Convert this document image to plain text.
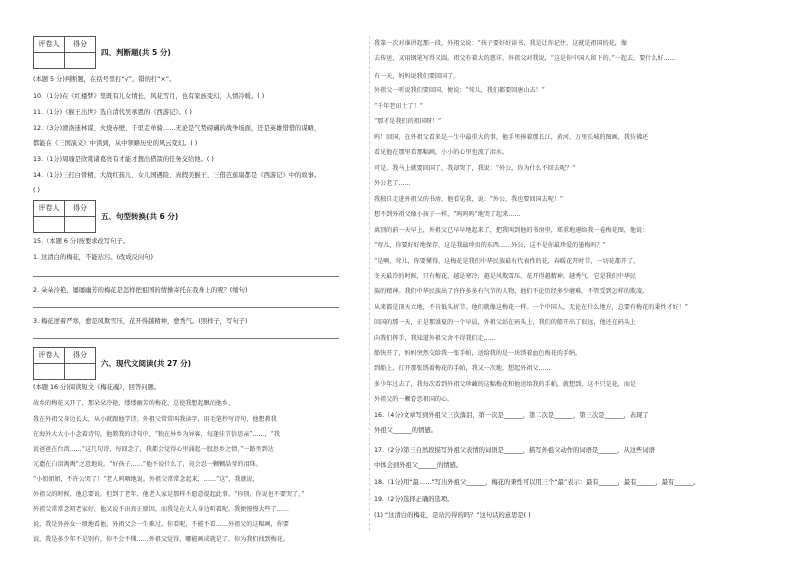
评卷人	得分

四、判断题(共 5 分)
(本题 5 分)判断题，在括号里打“√”，错的打“×”。
10.（1分)在《红楼梦》里既有儿女情长，风花雪月，也有家族变幻，人情冷暖。( )
11.（1分)《猴王出世》选自清代吴承恩的《西游记》。( )
12.（3分)滑洛迷林谋、火烧赤壁、千里走单骑……无论是气势磅礴的战争场面，还是英雄惜惜的谋略，
都能在《三国演义》中读到，从中领略历史的风云变幻。( )
13.（1分)周瑜是欣赏诸葛亮有才能才想出借箭的任务交给他。( )
14.（1分)三打白骨精、大战红孩儿、女儿国遇险、真假美猴王、三借芭蕉扇都是《西游记》中的故事。
( )
评卷人	得分

五、句型转换(共 6 分)
15.（本题 6 分)按要求改写句子。
1. 这清白的梅花，不能玷污。(改成反问句)
2. 朵朵冷艳，屡屡幽芳的梅花是怎样把祖国的情操寄托在我身上的呢？(缩句)
3. 梅花逆着严寒，愈是风欺雪压，花开得越精神，愈秀气。(照样子，写句子)
评卷人	得分

六、现代文阅读(共 27 分)
(本题 16 分)阅读短文《梅花魂》，回答问题。
故乡的梅花又开了，那朵朵冷艳、缕缕幽芳的梅花，总使我想起飘泊他乡、
我在外祖父身边长大，从小就跟他学诗。外祖父常常叫我读字，用毛笔抄写诗句，他想教我
在海外大大小小念着诗句。他教我的诗句中，“独在异乡为异客，每逢佳节倍思亲”……，“我
说爸爸在台湾……“这几句诗，每回念了，我都会觉得心里涌起一股思乡之情，”一路坐到达
元遗在白泪淘淘”之意地说。“好孩子……”他不说什么了，竟会忍一颗颗晶莹的泪珠。
“小妞姐姐，不许公哭了！”老人呜咽地说。外祖父常常念起来，……“这”，我就说，
外祖父的时候，他总要说。但到了老年，他老人家是那样不愿意提起此事。“你别，你说也不要哭了，”
外祖父常常念叨老家好，他又说不出真正原因，而我是在大人身边听着呢，我便慢慢大些了……
说，我是外孙女一般地看他，外祖父会一生难过。你看呢，不能不看……外祖父的这幅画，你要
说，我是多少年不是别有，你不会不懂……外祖父觉得，哪能画成就是了，你为我们找到梅花。
我第一次对谁讲起那一段，外祖父说：“孩子要好好读书，我是让你记住，这就是祖国的花，像
去传送，又用钢笔写得又圆。祖父有着大的慈详，外祖父对我说，“这是你中国人留下的。”一起去，要什么好……
有一天，妈妈说我们要回国了。
外祖父一听说我们要回国，便说：“莺儿，我们都要回唐山去！”
“千年老田土了！”
“那才是我们的祖国呀！”
呜！回国，在外祖父看来是一生中最重大的事，他手里捧着那长江，黄河，万里长城的图画，我仿佛还
看见他在那里看那幅画，小小的心里也流了泪水。
可是，我马上就要回国了，我却哭了，我说：“外公，你为什么不回去呢？”
外公老了……
我独自走进外祖父的书房，他看见我，说：“外公，我也要回国去呢！”
想不到外祖父像小孩子一样，“呜呜呜”地哭了起来……
离别的前一天早上，外祖父已早早地起来了，把我叫到他的书房里，郑重地递给我一卷梅花图，他说：
“莺儿，你要好好地保存，这是我最珍贵的东西……外公，这不是你最珍爱的墨梅吗？”
“是啊，莺儿，你要懂得，这梅花是我们中华民族最有代表性的花，春暖花开时节，一切花都开了，
冬天最冷的时候，只有梅花，越是寒冷，越是风欺雪压，花开得越精神，越秀气。它是我们中华民
族的精神。我们中华民族出了许许多多有气节的人物，他们不论历经多少磨难，不管受到怎样的欺凌，
从来都是顶天立地，不肯低头折节。他们就像这梅花一样。一个中国人，无论在什么地方，总要有梅花的秉性才好！”
回国的那一天，正是那盛夏的一个早晨，外祖父站在码头上，我们的船开出了很远，他还在码头上
向我们挥手，我知道外祖父舍不得我们走……
船快开了，妈妈突然交给我一张手帕，送给我的是一块绣着血色梅花的手绢。
到船上，打开那张绣着梅花的手帕，我又一次地，想起外祖父……
多少年过去了，我每次看到外祖父珍藏的这幅梅花和他送给我的手帕，就想到，这不只是花，而是
外祖父的一颗眷恋祖国的心。
16.（4分)文章写到外祖父三次落泪，第一次是______，第二次是______，第三次是______，表现了
外祖父______的情感。
17.（2分)第三自然段描写外祖父表情的词语是______，描写外祖父动作的词语是______，从这些词语
中体会到外祖父______的情感。
18.（1分)用“最……”写出外祖父______，梅花的秉性可以用三个“最”表示：最有______，最有______，最有______。
19.（2分)选择正确的选项。
(1) “这清白的梅花，是玷污得的吗？”这句话的意思是( )
